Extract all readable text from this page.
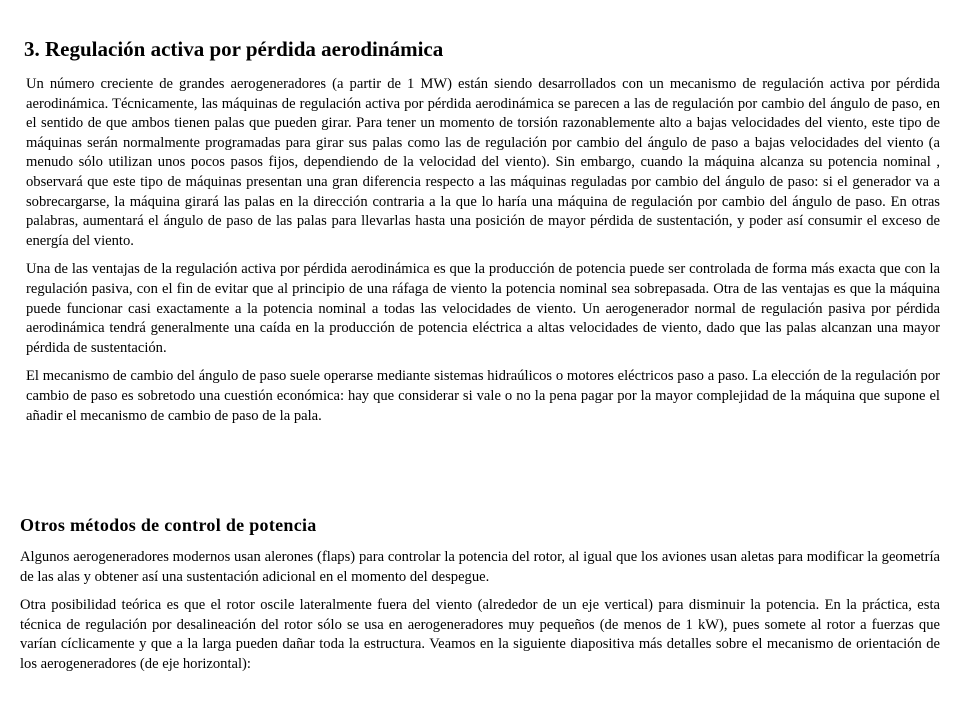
3. Regulación activa por pérdida aerodinámica

Un número creciente de grandes aerogeneradores (a partir de 1 MW) están siendo desarrollados con un mecanismo de regulación activa por pérdida aerodinámica. Técnicamente, las máquinas de regulación activa por pérdida aerodinámica se parecen a las de regulación por cambio del ángulo de paso, en el sentido de que ambos tienen palas que pueden girar. Para tener un momento de torsión razonablemente alto a bajas velocidades del viento, este tipo de máquinas serán normalmente programadas para girar sus palas como las de regulación por cambio del ángulo de paso a bajas velocidades del viento (a menudo sólo utilizan unos pocos pasos fijos, dependiendo de la velocidad del viento). Sin embargo, cuando la máquina alcanza su potencia nominal , observará que este tipo de máquinas presentan una gran diferencia respecto a las máquinas reguladas por cambio del ángulo de paso: si el generador va a sobrecargarse, la máquina girará las palas en la dirección contraria a la que lo haría una máquina de regulación por cambio del ángulo de paso. En otras palabras, aumentará el ángulo de paso de las palas para llevarlas hasta una posición de mayor pérdida de sustentación, y poder así consumir el exceso de energía del viento.

Una de las ventajas de la regulación activa por pérdida aerodinámica es que la producción de potencia puede ser controlada de forma más exacta que con la regulación pasiva, con el fin de evitar que al principio de una ráfaga de viento la potencia nominal sea sobrepasada. Otra de las ventajas es que la máquina puede funcionar casi exactamente a la potencia nominal a todas las velocidades de viento. Un aerogenerador normal de regulación pasiva por pérdida aerodinámica tendrá generalmente una caída en la producción de potencia eléctrica a altas velocidades de viento, dado que las palas alcanzan una mayor pérdida de sustentación.

El mecanismo de cambio del ángulo de paso suele operarse mediante sistemas hidraúlicos o motores eléctricos paso a paso. La elección de la regulación por cambio de paso es sobretodo una cuestión económica: hay que considerar si vale o no la pena pagar por la mayor complejidad de la máquina que supone el añadir el mecanismo de cambio de paso de la pala.

Otros métodos de control de potencia

Algunos aerogeneradores modernos usan alerones (flaps) para controlar la potencia del rotor, al igual que los aviones usan aletas para modificar la geometría de las alas y obtener así una sustentación adicional en el momento del despegue.

Otra posibilidad teórica es que el rotor oscile lateralmente fuera del viento (alrededor de un eje vertical) para disminuir la potencia. En la práctica, esta técnica de regulación por desalineación del rotor sólo se usa en aerogeneradores muy pequeños (de menos de 1 kW), pues somete al rotor a fuerzas que varían cíclicamente y que a la larga pueden dañar toda la estructura. Veamos en la siguiente diapositiva más detalles sobre el mecanismo de orientación de los aerogeneradores (de eje horizontal):
